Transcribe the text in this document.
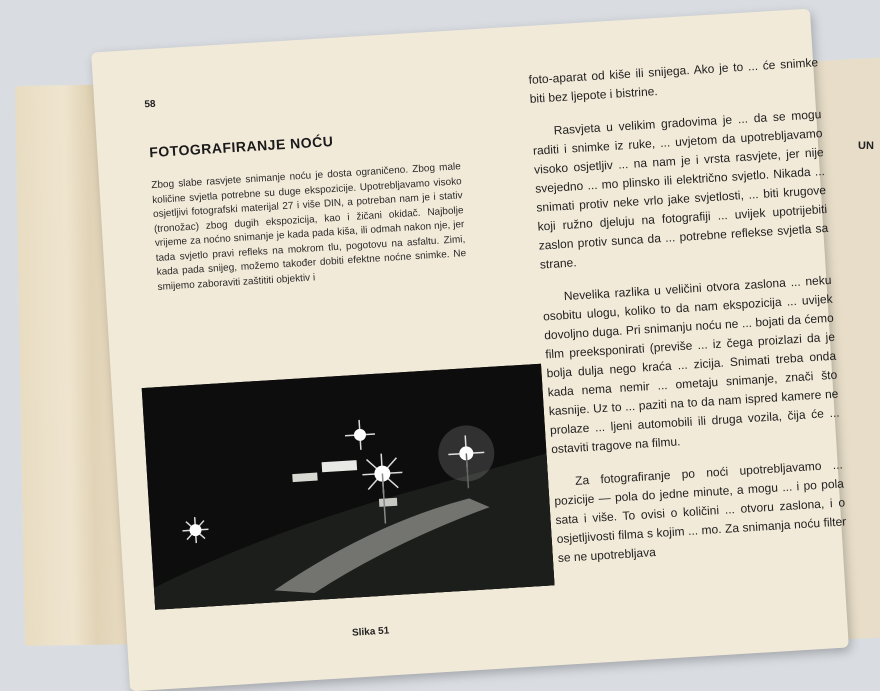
UN
58
FOTOGRAFIRANJE NOĆU
Zbog slabe rasvjete snimanje noću je dosta ograničeno. Zbog male količine svjetla potrebne su duge ekspozicije. Upotrebljavamo visoko osjetljivi fotografski materijal 27 i više DIN, a potreban nam je i stativ (tronožac) zbog dugih ekspozicija, kao i žičani okidač. Najbolje vrijeme za noćno snimanje je kada pada kiša, ili odmah nakon nje, jer tada svjetlo pravi refleks na mokrom tlu, pogotovu na asfaltu. Zimi, kada pada snijeg, možemo također dobiti efektne noćne snimke. Ne smijemo zaboraviti zaštititi objektiv i
Slika 51

foto-aparat od kiše ili snijega. Ako je to ... će snimke biti bez ljepote i bistrine.

Rasvjeta u velikim gradovima je ... da se mogu raditi i snimke iz ruke, ... uvjetom da upotrebljavamo visoko osjetljiv ... na nam je i vrsta rasvjete, jer nije svejedno ... mo plinsko ili električno svjetlo. Nikada ... snimati protiv neke vrlo jake svjetlosti, ... biti krugove koji ružno djeluju na fotografiji ... uvijek upotrijebiti zaslon protiv sunca da ... potrebne reflekse svjetla sa strane.

Nevelika razlika u veličini otvora zaslona ... neku osobitu ulogu, koliko to da nam ekspozicija ... uvijek dovoljno duga. Pri snimanju noću ne ... bojati da ćemo film preeksponirati (previše ... iz čega proizlazi da je bolja dulja nego kraća ... zicija. Snimati treba onda kada nema nemir ... ometaju snimanje, znači što kasnije. Uz to ... paziti na to da nam ispred kamere ne prolaze ... ljeni automobili ili druga vozila, čija će ... ostaviti tragove na filmu.

Za fotografiranje po noći upotrebljavamo ... pozicije — pola do jedne minute, a mogu ... i po pola sata i više. To ovisi o količini ... otvoru zaslona, i o osjetljivosti filma s kojim ... mo. Za snimanja noću filter se ne upotrebljava
